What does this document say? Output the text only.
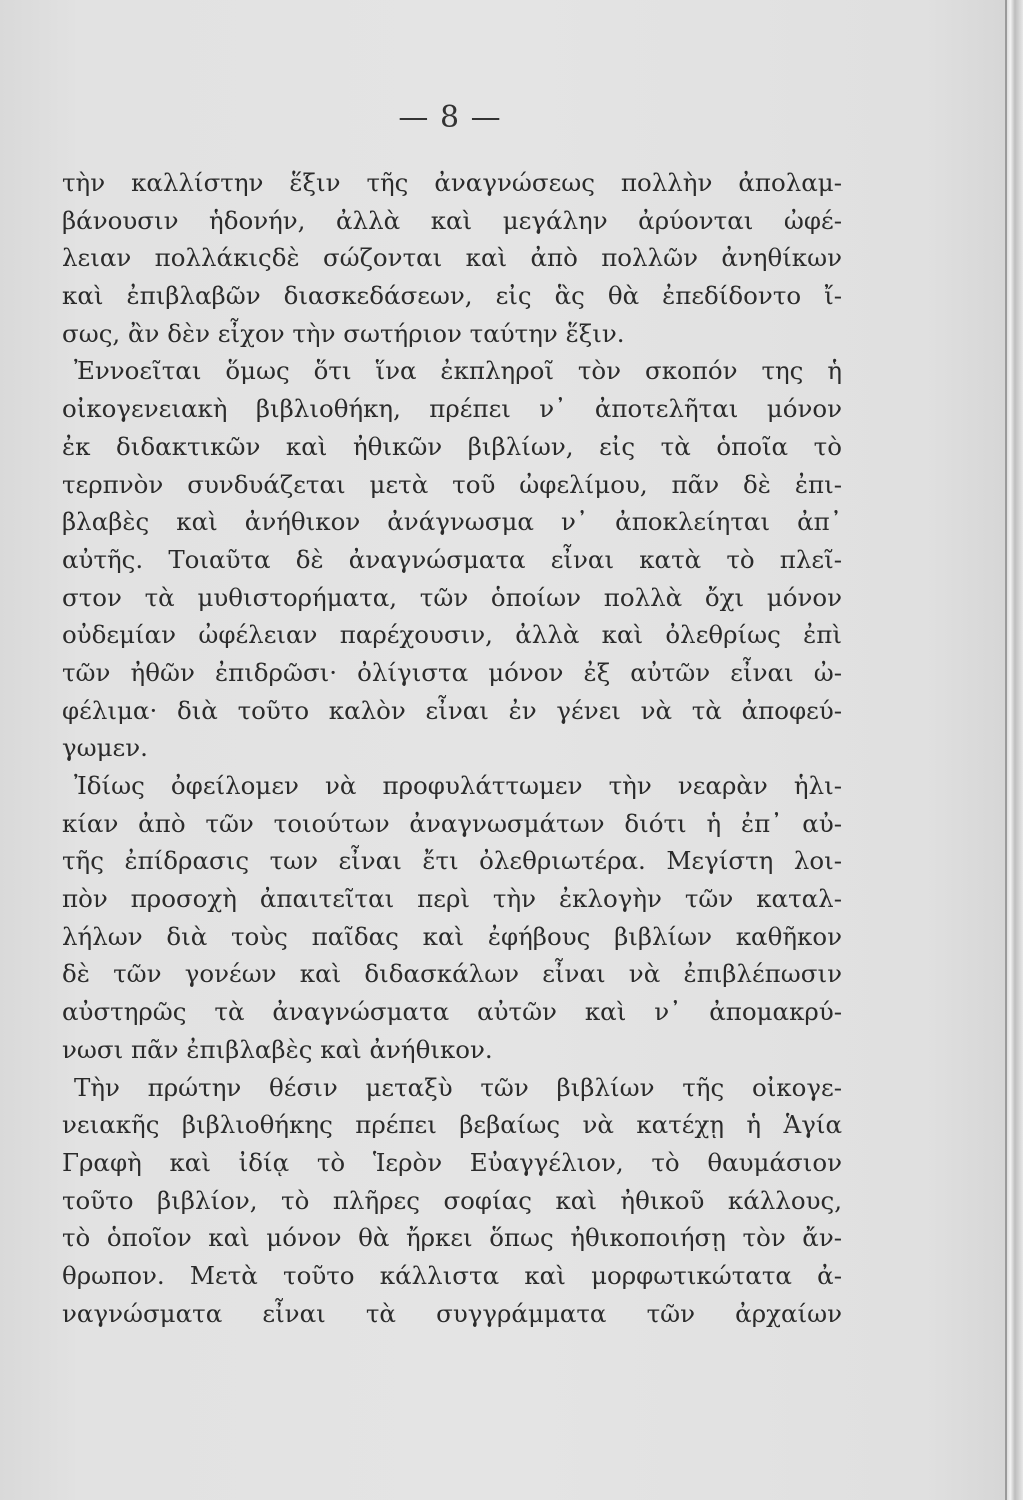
— 8 —
τὴν καλλίστην ἕξιν τῆς ἀναγνώσεως πολλὴν ἀπολαμ-
βάνουσιν ἡδονήν, ἀλλὰ καὶ μεγάλην ἀρύονται ὠφέ-
λειαν πολλάκιςδὲ σώζονται καὶ ἀπὸ πολλῶν ἀνηθίκων
καὶ ἐπιβλαβῶν διασκεδάσεων, εἰς ἃς θὰ ἐπεδίδοντο ἴ-
σως, ἂν δὲν εἶχον τὴν σωτήριον ταύτην ἕξιν.
Ἐννοεῖται ὅμως ὅτι ἵνα ἐκπληροῖ τὸν σκοπόν της ἡ
οἰκογενειακὴ βιβλιοθήκη, πρέπει ν᾽ ἀποτελῆται μόνον
ἐκ διδακτικῶν καὶ ἠθικῶν βιβλίων, εἰς τὰ ὁποῖα τὸ
τερπνὸν συνδυάζεται μετὰ τοῦ ὠφελίμου, πᾶν δὲ ἐπι-
βλαβὲς καὶ ἀνήθικον ἀνάγνωσμα ν᾽ ἀποκλείηται ἀπ᾽
αὐτῆς. Τοιαῦτα δὲ ἀναγνώσματα εἶναι κατὰ τὸ πλεῖ-
στον τὰ μυθιστορήματα, τῶν ὁποίων πολλὰ ὄχι μόνον
οὐδεμίαν ὠφέλειαν παρέχουσιν, ἀλλὰ καὶ ὀλεθρίως ἐπὶ
τῶν ἠθῶν ἐπιδρῶσι· ὀλίγιστα μόνον ἐξ αὐτῶν εἶναι ὠ-
φέλιμα· διὰ τοῦτο καλὸν εἶναι ἐν γένει νὰ τὰ ἀποφεύ-
γωμεν.
Ἰδίως ὀφείλομεν νὰ προφυλάττωμεν τὴν νεαρὰν ἡλι-
κίαν ἀπὸ τῶν τοιούτων ἀναγνωσμάτων διότι ἡ ἐπ᾽ αὐ-
τῆς ἐπίδρασις των εἶναι ἔτι ὀλεθριωτέρα. Μεγίστη λοι-
πὸν προσοχὴ ἀπαιτεῖται περὶ τὴν ἐκλογὴν τῶν καταλ-
λήλων διὰ τοὺς παῖδας καὶ ἐφήβους βιβλίων καθῆκον
δὲ τῶν γονέων καὶ διδασκάλων εἶναι νὰ ἐπιβλέπωσιν
αὐστηρῶς τὰ ἀναγνώσματα αὐτῶν καὶ ν᾽ ἀπομακρύ-
νωσι πᾶν ἐπιβλαβὲς καὶ ἀνήθικον.
Τὴν πρώτην θέσιν μεταξὺ τῶν βιβλίων τῆς οἰκογε-
νειακῆς βιβλιοθήκης πρέπει βεβαίως νὰ κατέχῃ ἡ Ἁγία
Γραφὴ καὶ ἰδίᾳ τὸ Ἱερὸν Εὐαγγέλιον, τὸ θαυμάσιον
τοῦτο βιβλίον, τὸ πλῆρες σοφίας καὶ ἠθικοῦ κάλλους,
τὸ ὁποῖον καὶ μόνον θὰ ἤρκει ὅπως ἠθικοποιήσῃ τὸν ἄν-
θρωπον. Μετὰ τοῦτο κάλλιστα καὶ μορφωτικώτατα ἀ-
ναγνώσματα εἶναι τὰ συγγράμματα τῶν ἀρχαίων
